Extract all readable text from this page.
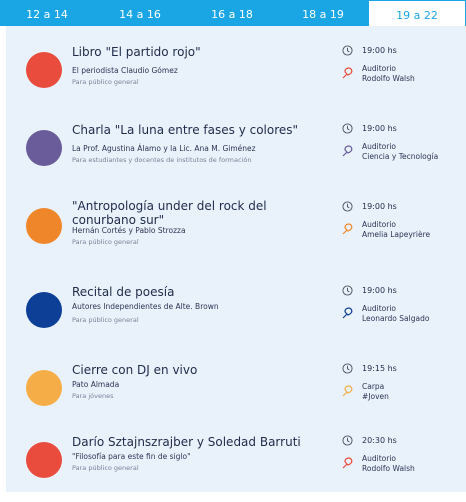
12 a 14	14 a 16	16 a 18	18 a 19	19 a 22
Libro "El partido rojo"
El periodista Claudio Gómez
Para público general
19:00 hs
Auditorio
Rodolfo Walsh
Charla "La luna entre fases y colores"
La Prof. Agustina Álamo y la Lic. Ana M. Giménez
Para estudiantes y docentes de institutos de formación
19:00 hs
Auditorio
Ciencia y Tecnología
"Antropología under del rock del conurbano sur"
Hernán Cortés y Pablo Strozza
Para público general
19:00 hs
Auditorio
Amelia Lapeyrière
Recital de poesía
Autores Independientes de Alte. Brown
Para público general
19:00 hs
Auditorio
Leonardo Salgado
Cierre con DJ en vivo
Pato Almada
Para jóvenes
19:15 hs
Carpa
#Joven
Darío Sztajnszrajber y Soledad Barruti
"Filosofía para este fin de siglo"
Para público general
20:30 hs
Auditorio
Rodolfo Walsh
